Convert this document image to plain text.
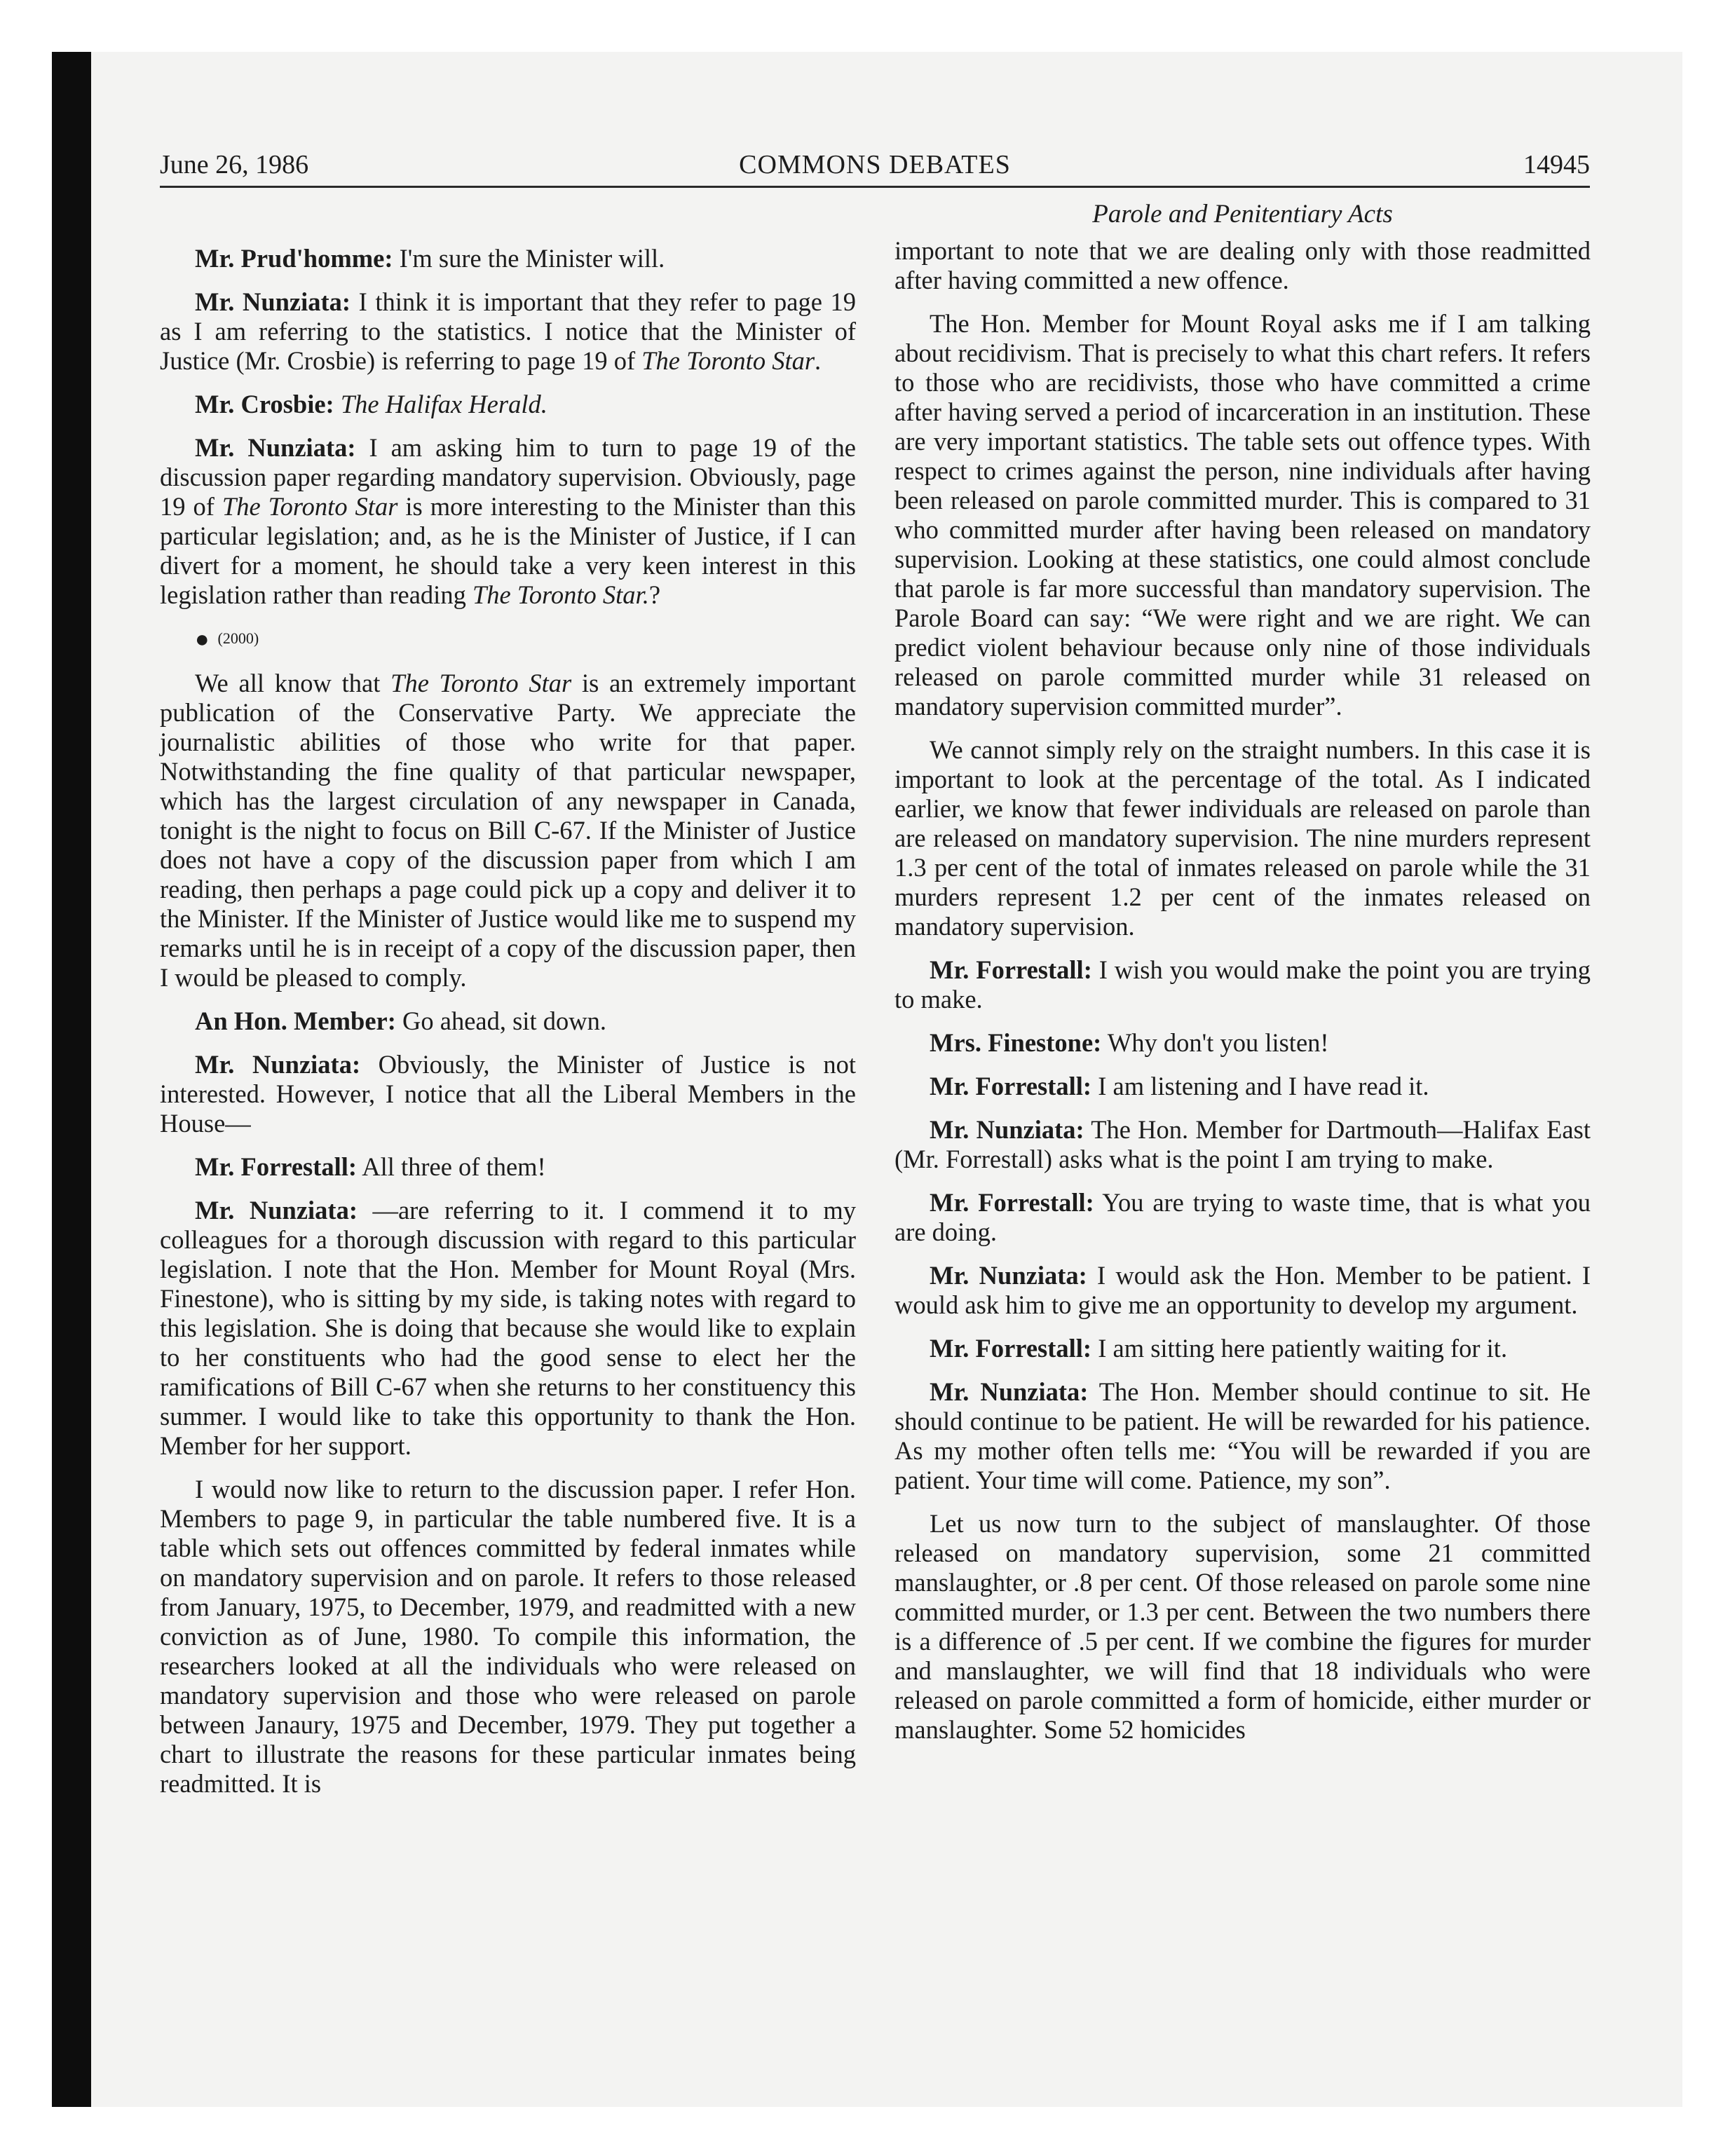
June 26, 1986	COMMONS DEBATES	14945

Mr. Prud'homme: I'm sure the Minister will.

Mr. Nunziata: I think it is important that they refer to page 19 as I am referring to the statistics. I notice that the Minister of Justice (Mr. Crosbie) is referring to page 19 of The Toronto Star.

Mr. Crosbie: The Halifax Herald.

Mr. Nunziata: I am asking him to turn to page 19 of the discussion paper regarding mandatory supervision. Obviously, page 19 of The Toronto Star is more interesting to the Minister than this particular legislation; and, as he is the Minister of Justice, if I can divert for a moment, he should take a very keen interest in this legislation rather than reading The Toronto Star.?

● (2000)

We all know that The Toronto Star is an extremely important publication of the Conservative Party. We appreciate the journalistic abilities of those who write for that paper. Notwithstanding the fine quality of that particular newspaper, which has the largest circulation of any newspaper in Canada, tonight is the night to focus on Bill C-67. If the Minister of Justice does not have a copy of the discussion paper from which I am reading, then perhaps a page could pick up a copy and deliver it to the Minister. If the Minister of Justice would like me to suspend my remarks until he is in receipt of a copy of the discussion paper, then I would be pleased to comply.

An Hon. Member: Go ahead, sit down.

Mr. Nunziata: Obviously, the Minister of Justice is not interested. However, I notice that all the Liberal Members in the House—

Mr. Forrestall: All three of them!

Mr. Nunziata: —are referring to it. I commend it to my colleagues for a thorough discussion with regard to this particular legislation. I note that the Hon. Member for Mount Royal (Mrs. Finestone), who is sitting by my side, is taking notes with regard to this legislation. She is doing that because she would like to explain to her constituents who had the good sense to elect her the ramifications of Bill C-67 when she returns to her constituency this summer. I would like to take this opportunity to thank the Hon. Member for her support.

I would now like to return to the discussion paper. I refer Hon. Members to page 9, in particular the table numbered five. It is a table which sets out offences committed by federal inmates while on mandatory supervision and on parole. It refers to those released from January, 1975, to December, 1979, and readmitted with a new conviction as of June, 1980. To compile this information, the researchers looked at all the individuals who were released on mandatory supervision and those who were released on parole between Janaury, 1975 and December, 1979. They put together a chart to illustrate the reasons for these particular inmates being readmitted. It is

Parole and Penitentiary Acts

important to note that we are dealing only with those readmitted after having committed a new offence.

The Hon. Member for Mount Royal asks me if I am talking about recidivism. That is precisely to what this chart refers. It refers to those who are recidivists, those who have committed a crime after having served a period of incarceration in an institution. These are very important statistics. The table sets out offence types. With respect to crimes against the person, nine individuals after having been released on parole committed murder. This is compared to 31 who committed murder after having been released on mandatory supervision. Looking at these statistics, one could almost conclude that parole is far more successful than mandatory supervision. The Parole Board can say: “We were right and we are right. We can predict violent behaviour because only nine of those individuals released on parole committed murder while 31 released on mandatory supervision committed murder”.

We cannot simply rely on the straight numbers. In this case it is important to look at the percentage of the total. As I indicated earlier, we know that fewer individuals are released on parole than are released on mandatory supervision. The nine murders represent 1.3 per cent of the total of inmates released on parole while the 31 murders represent 1.2 per cent of the inmates released on mandatory supervision.

Mr. Forrestall: I wish you would make the point you are trying to make.

Mrs. Finestone: Why don't you listen!

Mr. Forrestall: I am listening and I have read it.

Mr. Nunziata: The Hon. Member for Dartmouth—Halifax East (Mr. Forrestall) asks what is the point I am trying to make.

Mr. Forrestall: You are trying to waste time, that is what you are doing.

Mr. Nunziata: I would ask the Hon. Member to be patient. I would ask him to give me an opportunity to develop my argument.

Mr. Forrestall: I am sitting here patiently waiting for it.

Mr. Nunziata: The Hon. Member should continue to sit. He should continue to be patient. He will be rewarded for his patience. As my mother often tells me: “You will be rewarded if you are patient. Your time will come. Patience, my son”.

Let us now turn to the subject of manslaughter. Of those released on mandatory supervision, some 21 committed manslaughter, or .8 per cent. Of those released on parole some nine committed murder, or 1.3 per cent. Between the two numbers there is a difference of .5 per cent. If we combine the figures for murder and manslaughter, we will find that 18 individuals who were released on parole committed a form of homicide, either murder or manslaughter. Some 52 homicides
